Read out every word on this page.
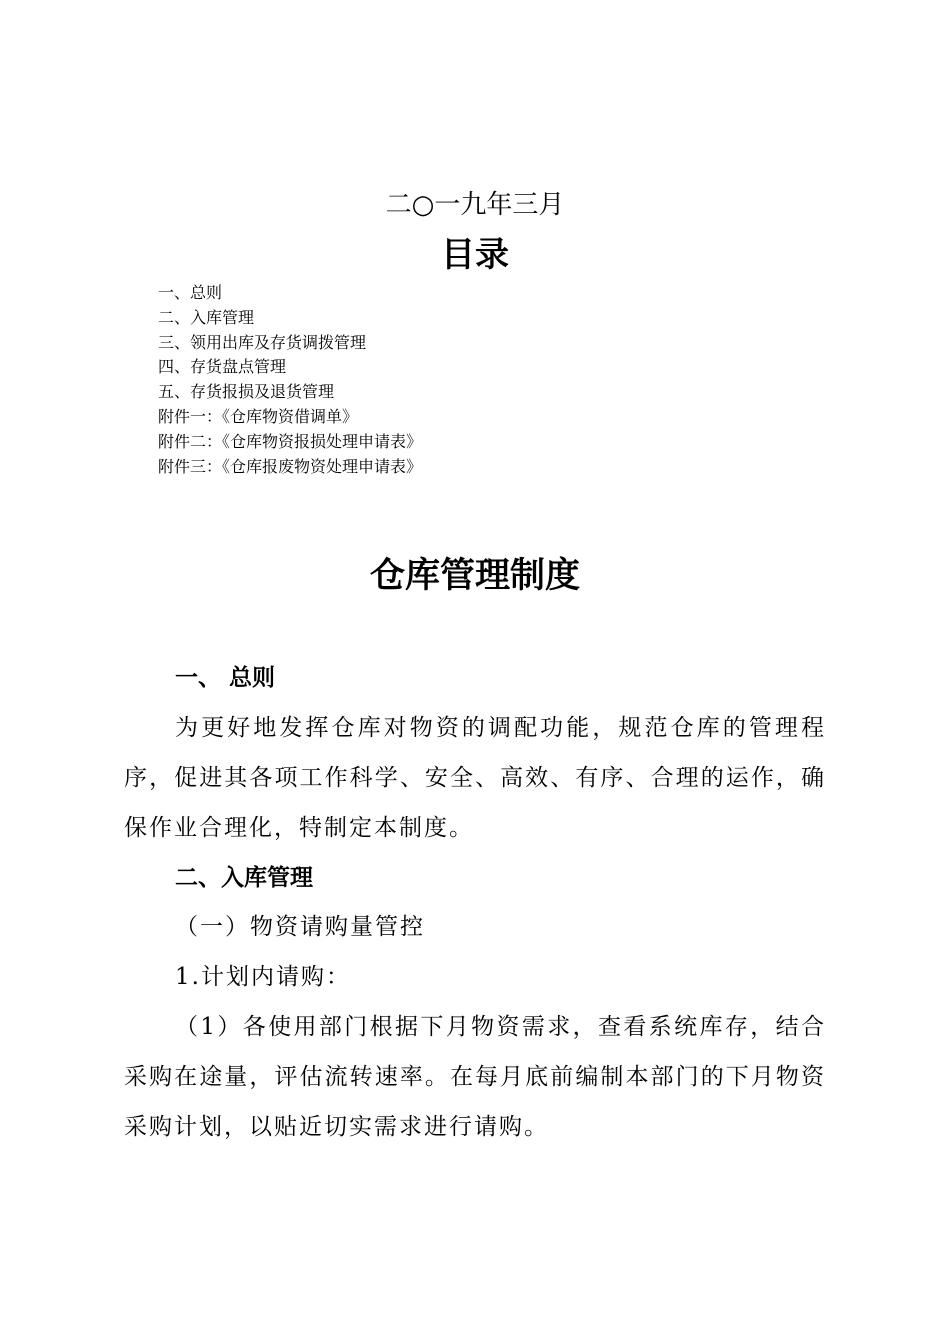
二○一九年三月
目录
一、总则
二、入库管理
三、领用出库及存货调拨管理
四、存货盘点管理
五、存货报损及退货管理
附件一：《仓库物资借调单》
附件二：《仓库物资报损处理申请表》
附件三：《仓库报废物资处理申请表》
仓库管理制度
一、 总则

为更好地发挥仓库对物资的调配功能，规范仓库的管理程序，促进其各项工作科学、安全、高效、有序、合理的运作，确保作业合理化，特制定本制度。

二、入库管理

（一）物资请购量管控

1.计划内请购：

（1）各使用部门根据下月物资需求，查看系统库存，结合采购在途量，评估流转速率。在每月底前编制本部门的下月物资采购计划，以贴近切实需求进行请购。
